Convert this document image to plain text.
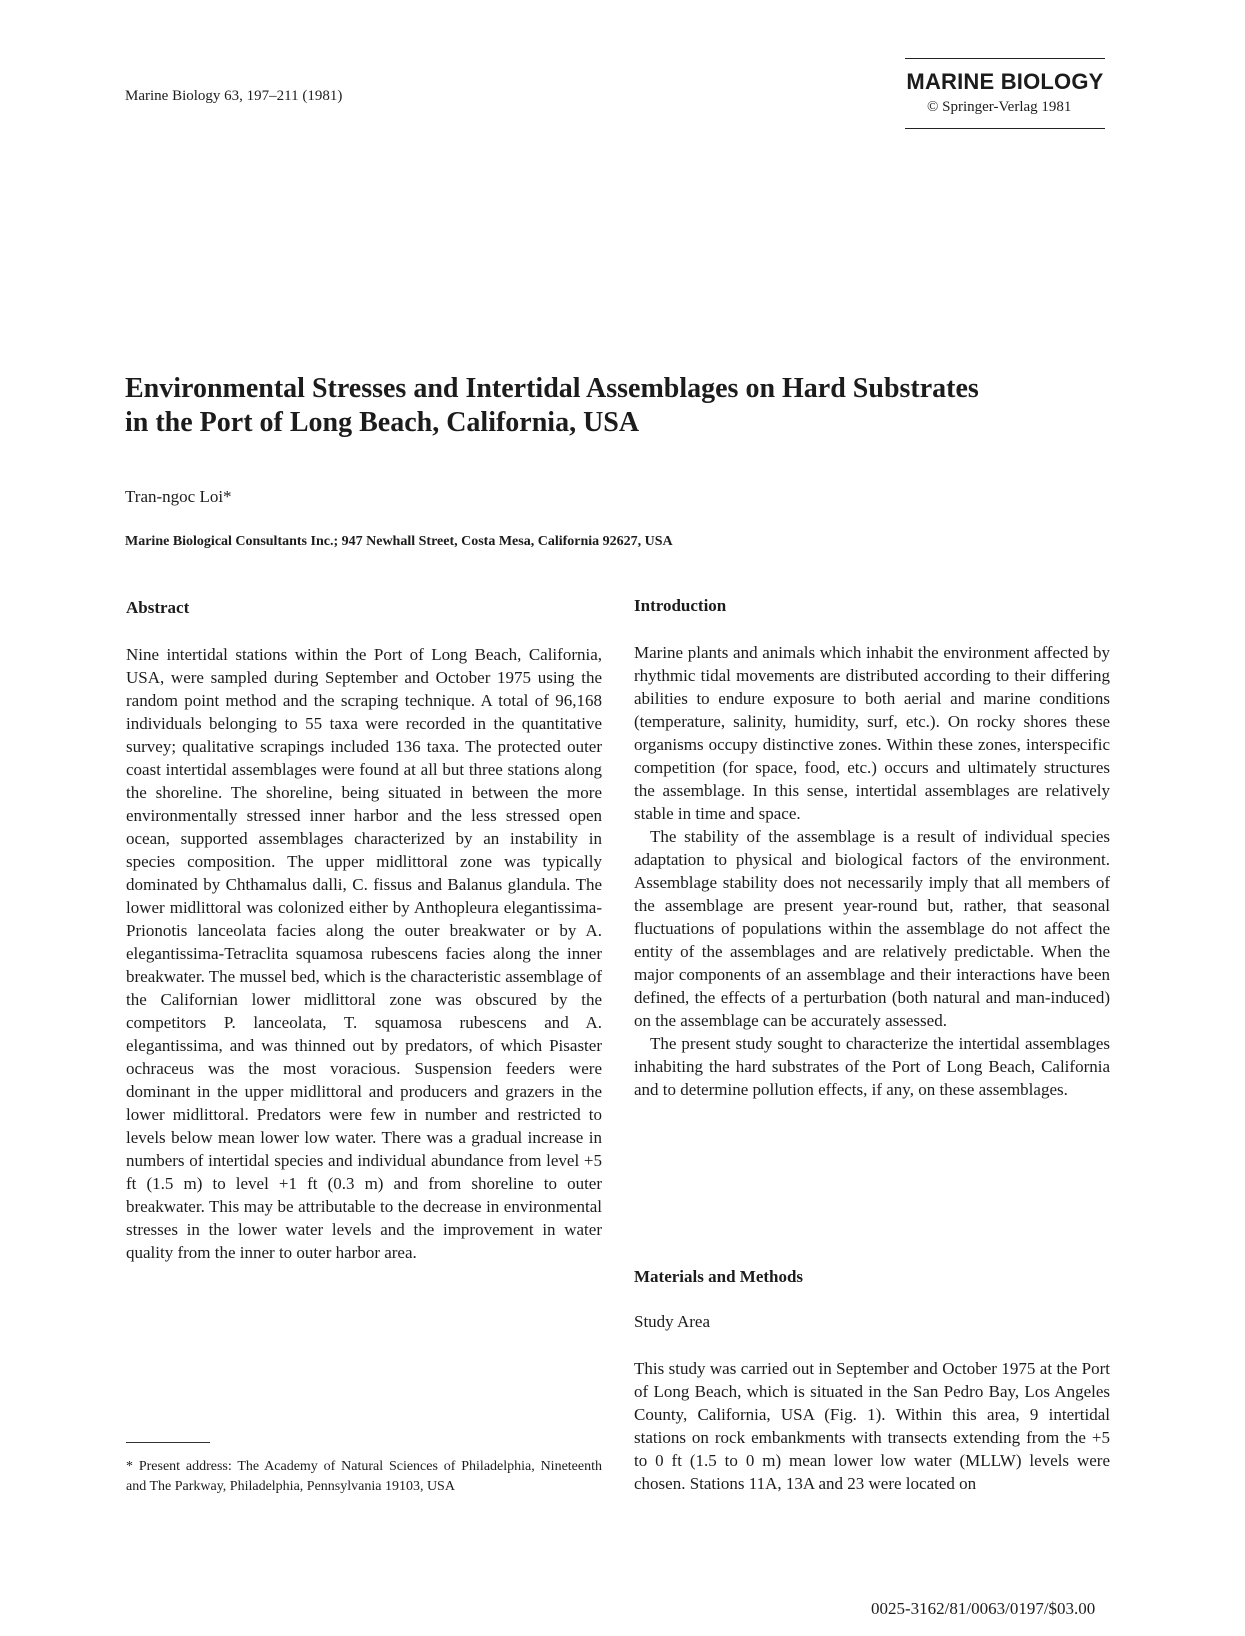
Marine Biology 63, 197–211 (1981)
MARINE BIOLOGY
© Springer-Verlag 1981
Environmental Stresses and Intertidal Assemblages on Hard Substrates
in the Port of Long Beach, California, USA
Tran-ngoc Loi*
Marine Biological Consultants Inc.; 947 Newhall Street, Costa Mesa, California 92627, USA
Abstract

Nine intertidal stations within the Port of Long Beach, California, USA, were sampled during September and October 1975 using the random point method and the scraping technique. A total of 96,168 individuals belonging to 55 taxa were recorded in the quantitative survey; qualitative scrapings included 136 taxa. The protected outer coast intertidal assemblages were found at all but three stations along the shoreline. The shoreline, being situated in between the more environmentally stressed inner harbor and the less stressed open ocean, supported assemblages characterized by an instability in species composition. The upper midlittoral zone was typically dominated by Chthamalus dalli, C. fissus and Balanus glandula. The lower midlittoral was colonized either by Anthopleura elegantissima-Prionotis lanceolata facies along the outer breakwater or by A. elegantissima-Tetraclita squamosa rubescens facies along the inner breakwater. The mussel bed, which is the characteristic assemblage of the Californian lower midlittoral zone was obscured by the competitors P. lanceolata, T. squamosa rubescens and A. elegantissima, and was thinned out by predators, of which Pisaster ochraceus was the most voracious. Suspension feeders were dominant in the upper midlittoral and producers and grazers in the lower midlittoral. Predators were few in number and restricted to levels below mean lower low water. There was a gradual increase in numbers of intertidal species and individual abundance from level +5 ft (1.5 m) to level +1 ft (0.3 m) and from shoreline to outer breakwater. This may be attributable to the decrease in environmental stresses in the lower water levels and the improvement in water quality from the inner to outer harbor area.

Introduction

Marine plants and animals which inhabit the environment affected by rhythmic tidal movements are distributed according to their differing abilities to endure exposure to both aerial and marine conditions (temperature, salinity, humidity, surf, etc.). On rocky shores these organisms occupy distinctive zones. Within these zones, interspecific competition (for space, food, etc.) occurs and ultimately structures the assemblage. In this sense, intertidal assemblages are relatively stable in time and space.

The stability of the assemblage is a result of individual species adaptation to physical and biological factors of the environment. Assemblage stability does not necessarily imply that all members of the assemblage are present year-round but, rather, that seasonal fluctuations of populations within the assemblage do not affect the entity of the assemblages and are relatively predictable. When the major components of an assemblage and their interactions have been defined, the effects of a perturbation (both natural and man-induced) on the assemblage can be accurately assessed.

The present study sought to characterize the intertidal assemblages inhabiting the hard substrates of the Port of Long Beach, California and to determine pollution effects, if any, on these assemblages.

Materials and Methods
Study Area

This study was carried out in September and October 1975 at the Port of Long Beach, which is situated in the San Pedro Bay, Los Angeles County, California, USA (Fig. 1). Within this area, 9 intertidal stations on rock embankments with transects extending from the +5 to 0 ft (1.5 to 0 m) mean lower low water (MLLW) levels were chosen. Stations 11A, 13A and 23 were located on

* Present address: The Academy of Natural Sciences of Philadelphia, Nineteenth and The Parkway, Philadelphia, Pennsylvania 19103, USA
0025-3162/81/0063/0197/$03.00
